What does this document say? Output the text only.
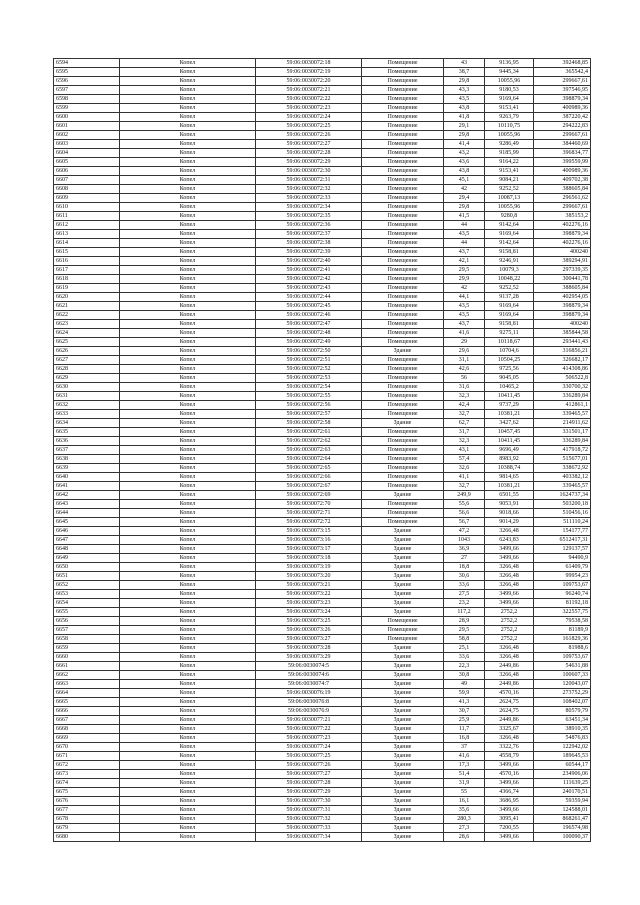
6594	Копел	59:06:0030072:18	Помещение	43	9136,95	392468,85
6595	Копел	59:06:0030072:19	Помещение	38,7	9445,34	365542,4
6596	Копел	59:06:0030072:20	Помещение	29,8	10055,96	299667,61
6597	Копел	59:06:0030072:21	Помещение	43,3	9180,53	397546,95
6598	Копел	59:06:0030072:22	Помещение	43,5	9169,64	398879,34
6599	Копел	59:06:0030072:23	Помещение	43,8	9153,41	400989,36
6600	Копел	59:06:0030072:24	Помещение	41,8	9263,79	387220,42
6601	Копел	59:06:0030072:25	Помещение	29,1	10110,75	294222,83
6602	Копел	59:06:0030072:26	Помещение	29,8	10055,96	299667,61
6603	Копел	59:06:0030072:27	Помещение	41,4	9286,49	384460,69
6604	Копел	59:06:0030072:28	Помещение	43,2	9185,99	396834,77
6605	Копел	59:06:0030072:29	Помещение	43,6	9164,22	399559,99
6606	Копел	59:06:0030072:30	Помещение	43,8	9153,41	400989,36
6607	Копел	59:06:0030072:31	Помещение	45,1	9084,21	409702,38
6608	Копел	59:06:0030072:32	Помещение	42	9252,52	388605,84
6609	Копел	59:06:0030072:33	Помещение	29,4	10087,13	296561,62
6610	Копел	59:06:0030072:34	Помещение	29,8	10055,96	299667,61
6611	Копел	59:06:0030072:35	Помещение	41,5	9280,8	385153,2
6612	Копел	59:06:0030072:36	Помещение	44	9142,64	402276,16
6613	Копел	59:06:0030072:37	Помещение	43,5	9169,64	398879,34
6614	Копел	59:06:0030072:38	Помещение	44	9142,64	402276,16
6615	Копел	59:06:0030072:39	Помещение	43,7	9158,81	400240
6616	Копел	59:06:0030072:40	Помещение	42,1	9246,91	389294,91
6617	Копел	59:06:0030072:41	Помещение	29,5	10079,3	297339,35
6618	Копел	59:06:0030072:42	Помещение	29,9	10048,22	300441,78
6619	Копел	59:06:0030072:43	Помещение	42	9252,52	388605,84
6620	Копел	59:06:0030072:44	Помещение	44,1	9137,28	402954,05
6621	Копел	59:06:0030072:45	Помещение	43,5	9169,64	398879,34
6622	Копел	59:06:0030072:46	Помещение	43,5	9169,64	398879,34
6623	Копел	59:06:0030072:47	Помещение	43,7	9158,81	400240
6624	Копел	59:06:0030072:48	Помещение	41,6	9275,11	385844,58
6625	Копел	59:06:0030072:49	Помещение	29	10118,67	293441,43
6626	Копел	59:06:0030072:50	Здание	29,6	10704,6	316856,21
6627	Копел	59:06:0030072:51	Помещение	31,1	10504,25	326682,17
6628	Копел	59:06:0030072:52	Помещение	42,6	9725,56	414308,86
6629	Копел	59:06:0030072:53	Помещение	56	9045,05	506522,8
6630	Копел	59:06:0030072:54	Помещение	31,6	10465,2	330700,32
6631	Копел	59:06:0030072:55	Помещение	32,3	10411,45	336289,84
6632	Копел	59:06:0030072:56	Помещение	42,4	9737,29	412861,1
6633	Копел	59:06:0030072:57	Помещение	32,7	10381,21	339465,57
6634	Копел	59:06:0030072:58	Здание	62,7	3427,62	214911,62
6635	Копел	59:06:0030072:61	Помещение	31,7	10457,45	331501,17
6636	Копел	59:06:0030072:62	Помещение	32,3	10411,45	336289,84
6637	Копел	59:06:0030072:63	Помещение	43,1	9696,49	417918,72
6638	Копел	59:06:0030072:64	Помещение	57,4	8983,92	515677,01
6639	Копел	59:06:0030072:65	Помещение	32,6	10388,74	338672,92
6640	Копел	59:06:0030072:66	Помещение	41,1	9814,65	403382,12
6641	Копел	59:06:0030072:67	Помещение	32,7	10381,21	339465,57
6642	Копел	59:06:0030072:69	Здание	249,9	6501,55	1624737,34
6643	Копел	59:06:0030072:70	Помещение	55,6	9053,91	503200,18
6644	Копел	59:06:0030072:71	Помещение	56,6	9018,66	510456,16
6645	Копел	59:06:0030072:72	Помещение	56,7	9014,29	511110,24
6646	Копел	59:06:0030073:15	Здание	47,2	3266,48	154177,77
6647	Копел	59:06:0030073:16	Здание	1043	6243,83	6512417,31
6648	Копел	59:06:0030073:17	Здание	36,9	3499,66	129137,57
6649	Копел	59:06:0030073:18	Здание	27	3499,66	94490,9
6650	Копел	59:06:0030073:19	Здание	18,8	3266,48	61409,79
6651	Копел	59:06:0030073:20	Здание	30,6	3266,48	99954,23
6652	Копел	59:06:0030073:21	Здание	33,6	3266,48	109753,67
6653	Копел	59:06:0030073:22	Здание	27,5	3499,66	96240,74
6654	Копел	59:06:0030073:23	Здание	23,2	3499,66	81192,18
6655	Копел	59:06:0030073:24	Здание	117,2	2752,2	322557,75
6656	Копел	59:06:0030073:25	Помещение	28,9	2752,2	79538,58
6657	Копел	59:06:0030073:26	Помещение	29,5	2752,2	81189,9
6658	Копел	59:06:0030073:27	Помещение	58,8	2752,2	161829,36
6659	Копел	59:06:0030073:28	Здание	25,1	3266,48	81988,6
6660	Копел	59:06:0030073:29	Здание	33,6	3266,48	109753,67
6661	Копел	59:06:0030074:5	Здание	22,3	2449,86	54631,88
6662	Копел	59:06:0030074:6	Здание	30,8	3266,48	100607,33
6663	Копел	59:06:0030074:7	Здание	49	2449,86	120043,07
6664	Копел	59:06:0030076:19	Здание	59,9	4570,16	273752,29
6665	Копел	59:06:0030076:8	Здание	41,3	2624,75	108402,07
6666	Копел	59:06:0030076:9	Здание	30,7	2624,75	80579,79
6667	Копел	59:06:0030077:21	Здание	25,9	2449,86	63451,34
6668	Копел	59:06:0030077:22	Здание	11,7	3325,67	38910,35
6669	Копел	59:06:0030077:23	Здание	16,8	3266,48	54876,83
6670	Копел	59:06:0030077:24	Здание	37	3322,76	122942,02
6671	Копел	59:06:0030077:25	Здание	41,6	4558,79	189645,53
6672	Копел	59:06:0030077:26	Здание	17,3	3499,66	60544,17
6673	Копел	59:06:0030077:27	Здание	51,4	4570,16	234906,06
6674	Копел	59:06:0030077:28	Здание	31,9	3499,66	111639,25
6675	Копел	59:06:0030077:29	Здание	55	4366,74	240170,51
6676	Копел	59:06:0030077:30	Здание	16,1	3686,95	59359,94
6677	Копел	59:06:0030077:31	Здание	35,6	3499,66	124588,01
6678	Копел	59:06:0030077:32	Здание	280,3	3095,41	868261,47
6679	Копел	59:06:0030077:33	Здание	27,3	7200,55	196574,98
6680	Копел	59:06:0030077:34	Здание	28,6	3499,66	100090,37
